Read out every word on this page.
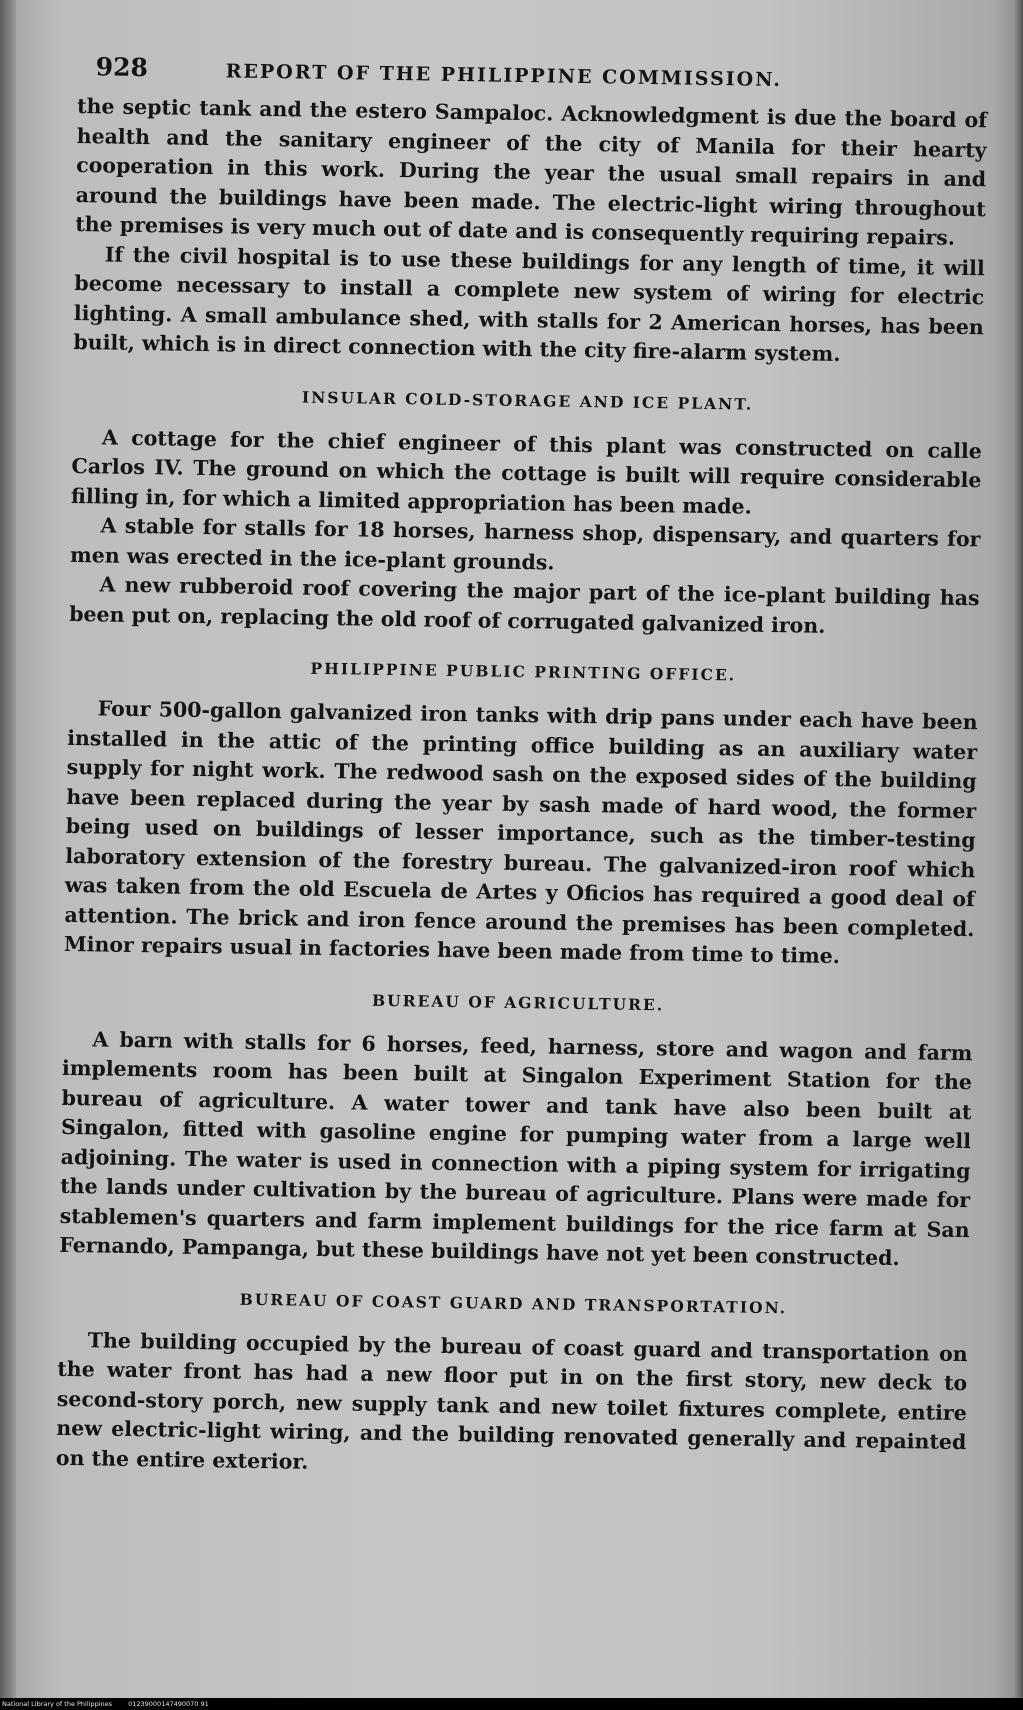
928	REPORT OF THE PHILIPPINE COMMISSION.

the septic tank and the estero Sampaloc. Acknowledgment is due the board of health and the sanitary engineer of the city of Manila for their hearty cooperation in this work. During the year the usual small repairs in and around the buildings have been made. The electric-light wiring throughout the premises is very much out of date and is consequently requiring repairs.

If the civil hospital is to use these buildings for any length of time, it will become necessary to install a complete new system of wiring for electric lighting. A small ambulance shed, with stalls for 2 American horses, has been built, which is in direct connection with the city fire-alarm system.

INSULAR COLD-STORAGE AND ICE PLANT.

A cottage for the chief engineer of this plant was constructed on calle Carlos IV. The ground on which the cottage is built will require considerable filling in, for which a limited appropriation has been made.

A stable for stalls for 18 horses, harness shop, dispensary, and quarters for men was erected in the ice-plant grounds.

A new rubberoid roof covering the major part of the ice-plant building has been put on, replacing the old roof of corrugated galvanized iron.

PHILIPPINE PUBLIC PRINTING OFFICE.

Four 500-gallon galvanized iron tanks with drip pans under each have been installed in the attic of the printing office building as an auxiliary water supply for night work. The redwood sash on the exposed sides of the building have been replaced during the year by sash made of hard wood, the former being used on buildings of lesser importance, such as the timber-testing laboratory extension of the forestry bureau. The galvanized-iron roof which was taken from the old Escuela de Artes y Oficios has required a good deal of attention. The brick and iron fence around the premises has been completed. Minor repairs usual in factories have been made from time to time.

BUREAU OF AGRICULTURE.

A barn with stalls for 6 horses, feed, harness, store and wagon and farm implements room has been built at Singalon Experiment Station for the bureau of agriculture. A water tower and tank have also been built at Singalon, fitted with gasoline engine for pumping water from a large well adjoining. The water is used in connection with a piping system for irrigating the lands under cultivation by the bureau of agriculture. Plans were made for stablemen's quarters and farm implement buildings for the rice farm at San Fernando, Pampanga, but these buildings have not yet been constructed.

BUREAU OF COAST GUARD AND TRANSPORTATION.

The building occupied by the bureau of coast guard and transportation on the water front has had a new floor put in on the first story, new deck to second-story porch, new supply tank and new toilet fixtures complete, entire new electric-light wiring, and the building renovated generally and repainted on the entire exterior.

National Library of the Philippines 01239000147490070 91
